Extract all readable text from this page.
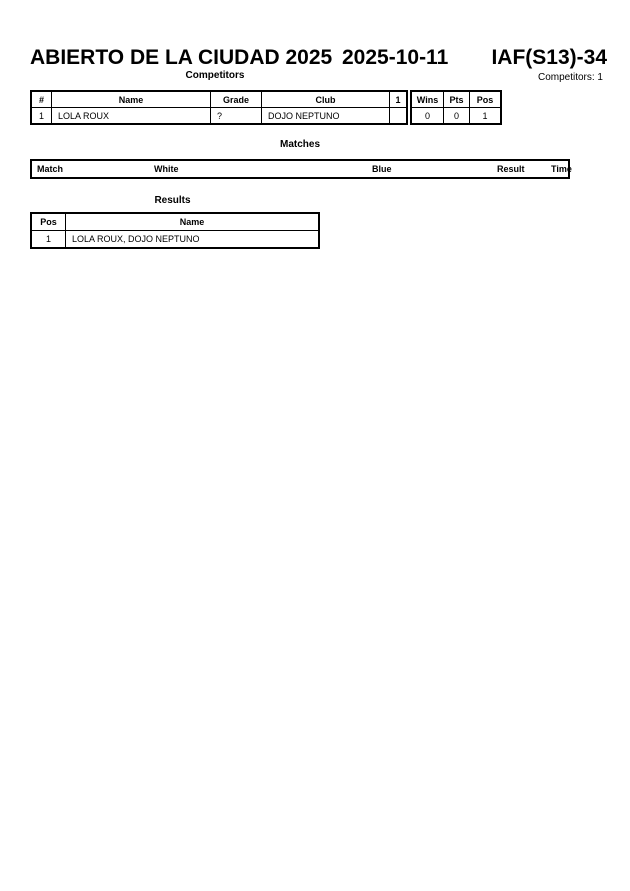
ABIERTO DE LA CIUDAD 2025 2025-10-11 IAF(S13)-34
Competitors	Competitors: 1
#	Name	Grade	Club	1
1	LOLA ROUX	?	DOJO NEPTUNO	
Wins	Pts	Pos
0	0	1
Matches
Match	White	Blue	Result	Time
Results
Pos	Name
1	LOLA ROUX, DOJO NEPTUNO
